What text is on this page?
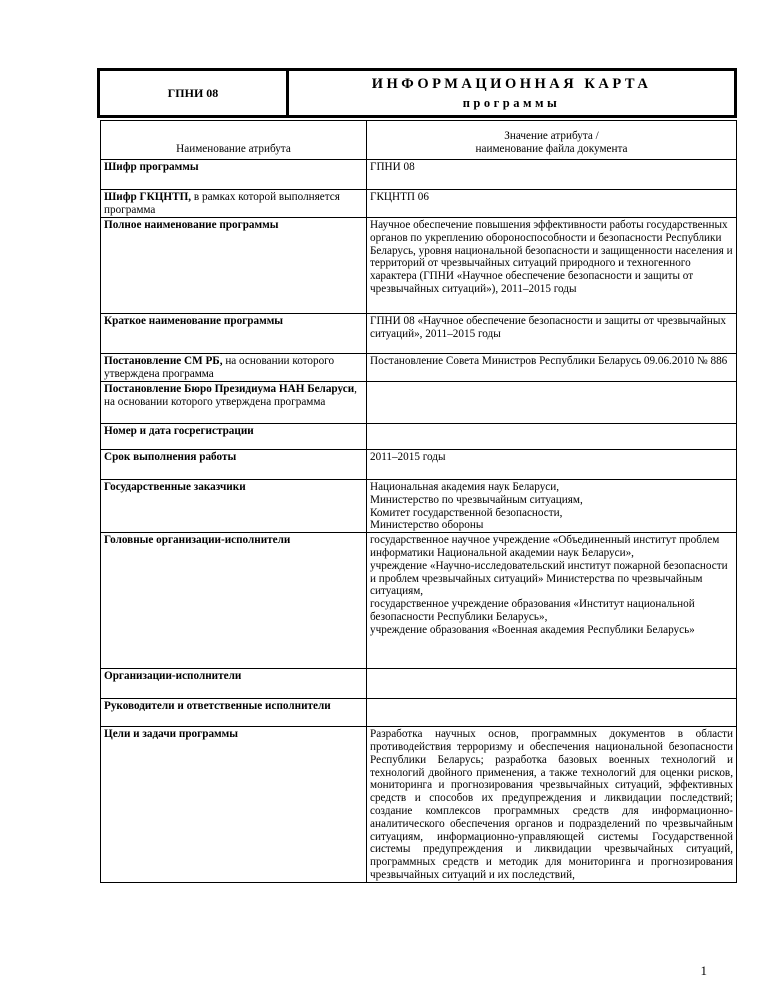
ГПНИ 08
ИНФОРМАЦИОННАЯ КАРТА
программы
Наименование атрибута	Значение атрибута /
наименование файла документа

Шифр программы	ГПНИ 08
Шифр ГКЦНТП, в рамках которой выполняется программа	ГКЦНТП 06
Полное наименование программы	Научное обеспечение повышения эффективности работы государственных органов по укреплению обороноспособности и безопасности Республики Беларусь, уровня национальной безопасности и защищенности населения и территорий от чрезвычайных ситуаций природного и техногенного характера (ГПНИ «Научное обеспечение безопасности и защиты от чрезвычайных ситуаций»), 2011–2015 годы
Краткое наименование программы	ГПНИ 08 «Научное обеспечение безопасности и защиты от чрезвычайных ситуаций», 2011–2015 годы
Постановление СМ РБ, на основании которого утверждена программа	Постановление Совета Министров Республики Беларусь 09.06.2010 № 886
Постановление Бюро Президиума НАН Беларуси, на основании которого утверждена программа	
Номер и дата госрегистрации	
Срок выполнения работы	2011–2015 годы
Государственные заказчики	Национальная академия наук Беларуси,
Министерство по чрезвычайным ситуациям,
Комитет государственной безопасности,
Министерство обороны
Головные организации-исполнители	государственное научное учреждение «Объединенный институт проблем информатики Национальной академии наук Беларуси»,
учреждение «Научно-исследовательский институт пожарной безопасности и проблем чрезвычайных ситуаций» Министерства по чрезвычайным ситуациям,
государственное учреждение образования «Институт национальной безопасности Республики Беларусь»,
учреждение образования «Военная академия Республики Беларусь»
Организации-исполнители	
Руководители и ответственные исполнители	
Цели и задачи программы	Разработка научных основ, программных документов в области противодействия терроризму и обеспечения национальной безопасности Республики Беларусь; разработка базовых военных технологий и технологий двойного применения, а также технологий для оценки рисков, мониторинга и прогнозирования чрезвычайных ситуаций, эффективных средств и способов их предупреждения и ликвидации последствий; создание комплексов программных средств для информационно-аналитического обеспечения органов и подразделений по чрезвычайным ситуациям, информационно-управляющей системы Государственной системы предупреждения и ликвидации чрезвычайных ситуаций, программных средств и методик для мониторинга и прогнозирования чрезвычайных ситуаций и их последствий,
1
